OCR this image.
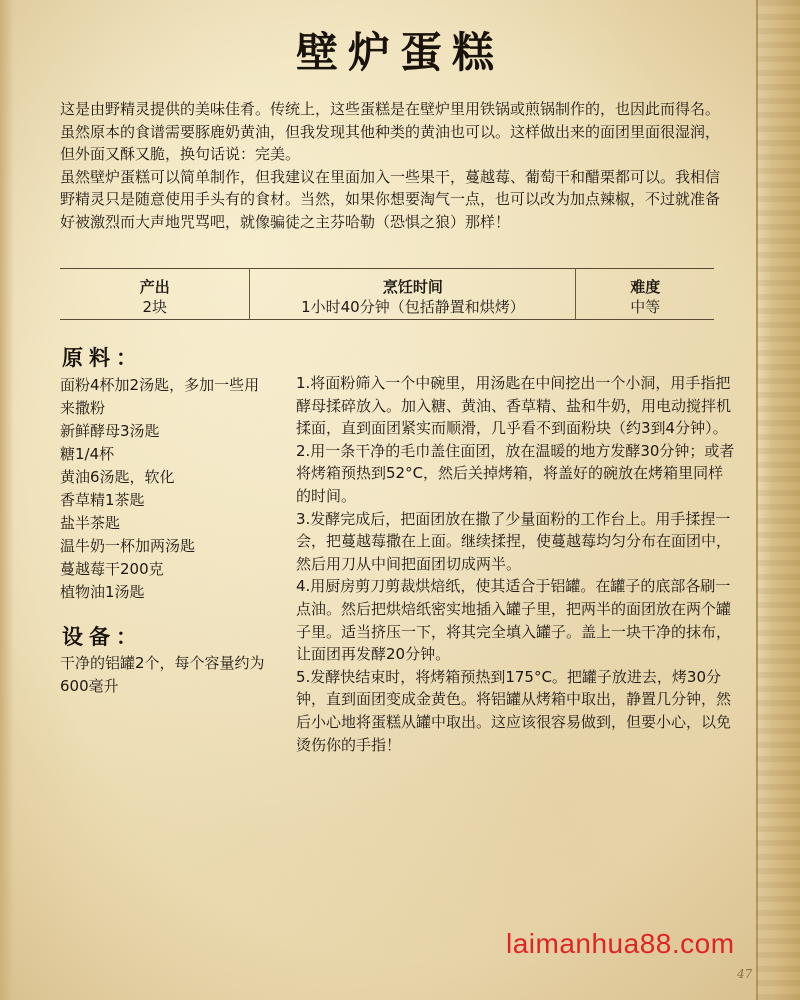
壁炉蛋糕

这是由野精灵提供的美味佳肴。传统上，这些蛋糕是在壁炉里用铁锅或煎锅制作的，也因此而得名。虽然原本的食谱需要豚鹿奶黄油，但我发现其他种类的黄油也可以。这样做出来的面团里面很湿润，但外面又酥又脆，换句话说：完美。

虽然壁炉蛋糕可以简单制作，但我建议在里面加入一些果干，蔓越莓、葡萄干和醋栗都可以。我相信野精灵只是随意使用手头有的食材。当然，如果你想要淘气一点，也可以改为加点辣椒，不过就准备好被激烈而大声地咒骂吧，就像骗徒之主芬哈勒（恐惧之狼）那样！

产出
2块
烹饪时间
1小时40分钟（包括静置和烘烤）
难度
中等
原料：
面粉4杯加2汤匙，多加一些用来撒粉
新鲜酵母3汤匙
糖1/4杯
黄油6汤匙，软化
香草精1茶匙
盐半茶匙
温牛奶一杯加两汤匙
蔓越莓干200克
植物油1汤匙
设备：
干净的铝罐2个，每个容量约为600毫升
1.将面粉筛入一个中碗里，用汤匙在中间挖出一个小洞，用手指把酵母揉碎放入。加入糖、黄油、香草精、盐和牛奶，用电动搅拌机揉面，直到面团紧实而顺滑，几乎看不到面粉块（约3到4分钟）。
2.用一条干净的毛巾盖住面团，放在温暖的地方发酵30分钟；或者将烤箱预热到52°C，然后关掉烤箱，将盖好的碗放在烤箱里同样的时间。
3.发酵完成后，把面团放在撒了少量面粉的工作台上。用手揉捏一会，把蔓越莓撒在上面。继续揉捏，使蔓越莓均匀分布在面团中，然后用刀从中间把面团切成两半。
4.用厨房剪刀剪裁烘焙纸，使其适合于铝罐。在罐子的底部各刷一点油。然后把烘焙纸密实地插入罐子里，把两半的面团放在两个罐子里。适当挤压一下，将其完全填入罐子。盖上一块干净的抹布，让面团再发酵20分钟。
5.发酵快结束时，将烤箱预热到175°C。把罐子放进去，烤30分钟，直到面团变成金黄色。将铝罐从烤箱中取出，静置几分钟，然后小心地将蛋糕从罐中取出。这应该很容易做到，但要小心，以免烫伤你的手指！
laimanhua88.com
47
